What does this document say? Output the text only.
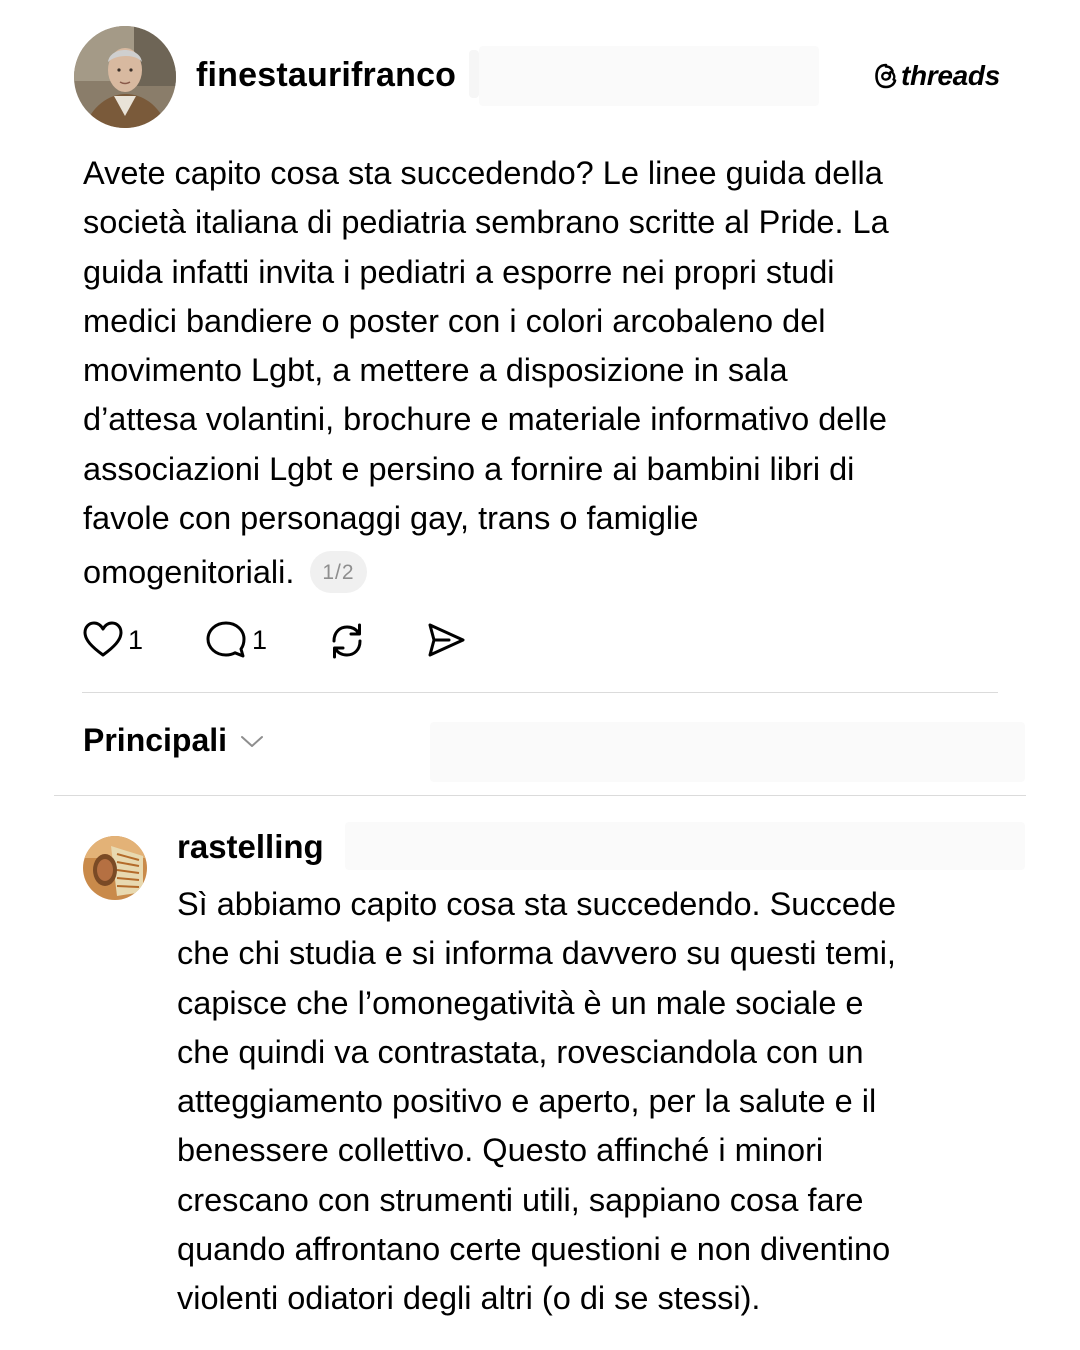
finestaurifranco	threads
Avete capito cosa sta succedendo? Le linee guida della
società italiana di pediatria sembrano scritte al Pride. La
guida infatti invita i pediatri a esporre nei propri studi
medici bandiere o poster con i colori arcobaleno del
movimento Lgbt, a mettere a disposizione in sala
d’attesa volantini, brochure e materiale informativo delle
associazioni Lgbt e persino a fornire ai bambini libri di
favole con personaggi gay, trans o famiglie
omogenitoriali.	1/2
1	1
Principali
rastelling
Sì abbiamo capito cosa sta succedendo. Succede
che chi studia e si informa davvero su questi temi,
capisce che l’omonegatività è un male sociale e
che quindi va contrastata, rovesciandola con un
atteggiamento positivo e aperto, per la salute e il
benessere collettivo. Questo affinché i minori
crescano con strumenti utili, sappiano cosa fare
quando affrontano certe questioni e non diventino
violenti odiatori degli altri (o di se stessi).
